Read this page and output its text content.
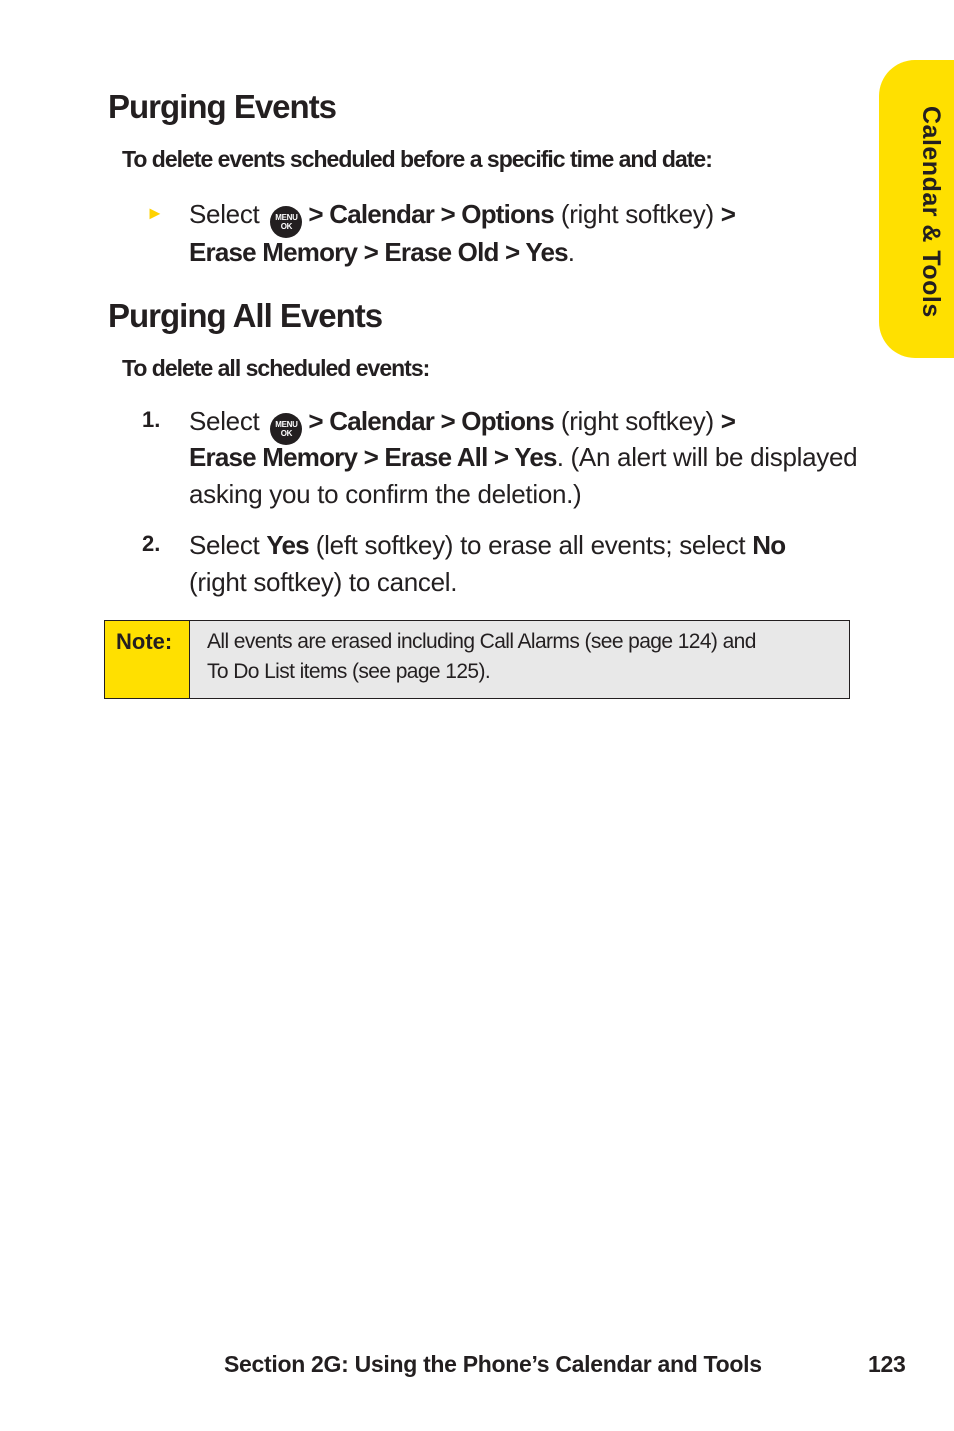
Calendar & Tools
Purging Events

To delete events scheduled before a specific time and date:

► Select MENU
OK > Calendar > Options (right softkey) >
Erase Memory > Erase Old > Yes.
Purging All Events

To delete all scheduled events:

1. Select MENU
OK > Calendar > Options (right softkey) >
Erase Memory > Erase All > Yes. (An alert will be displayed
asking you to confirm the deletion.)
2. Select Yes (left softkey) to erase all events; select No
(right softkey) to cancel.
Note:	All events are erased including Call Alarms (see page 124) and
To Do List items (see page 125).
Section 2G: Using the Phone’s Calendar and Tools	123
